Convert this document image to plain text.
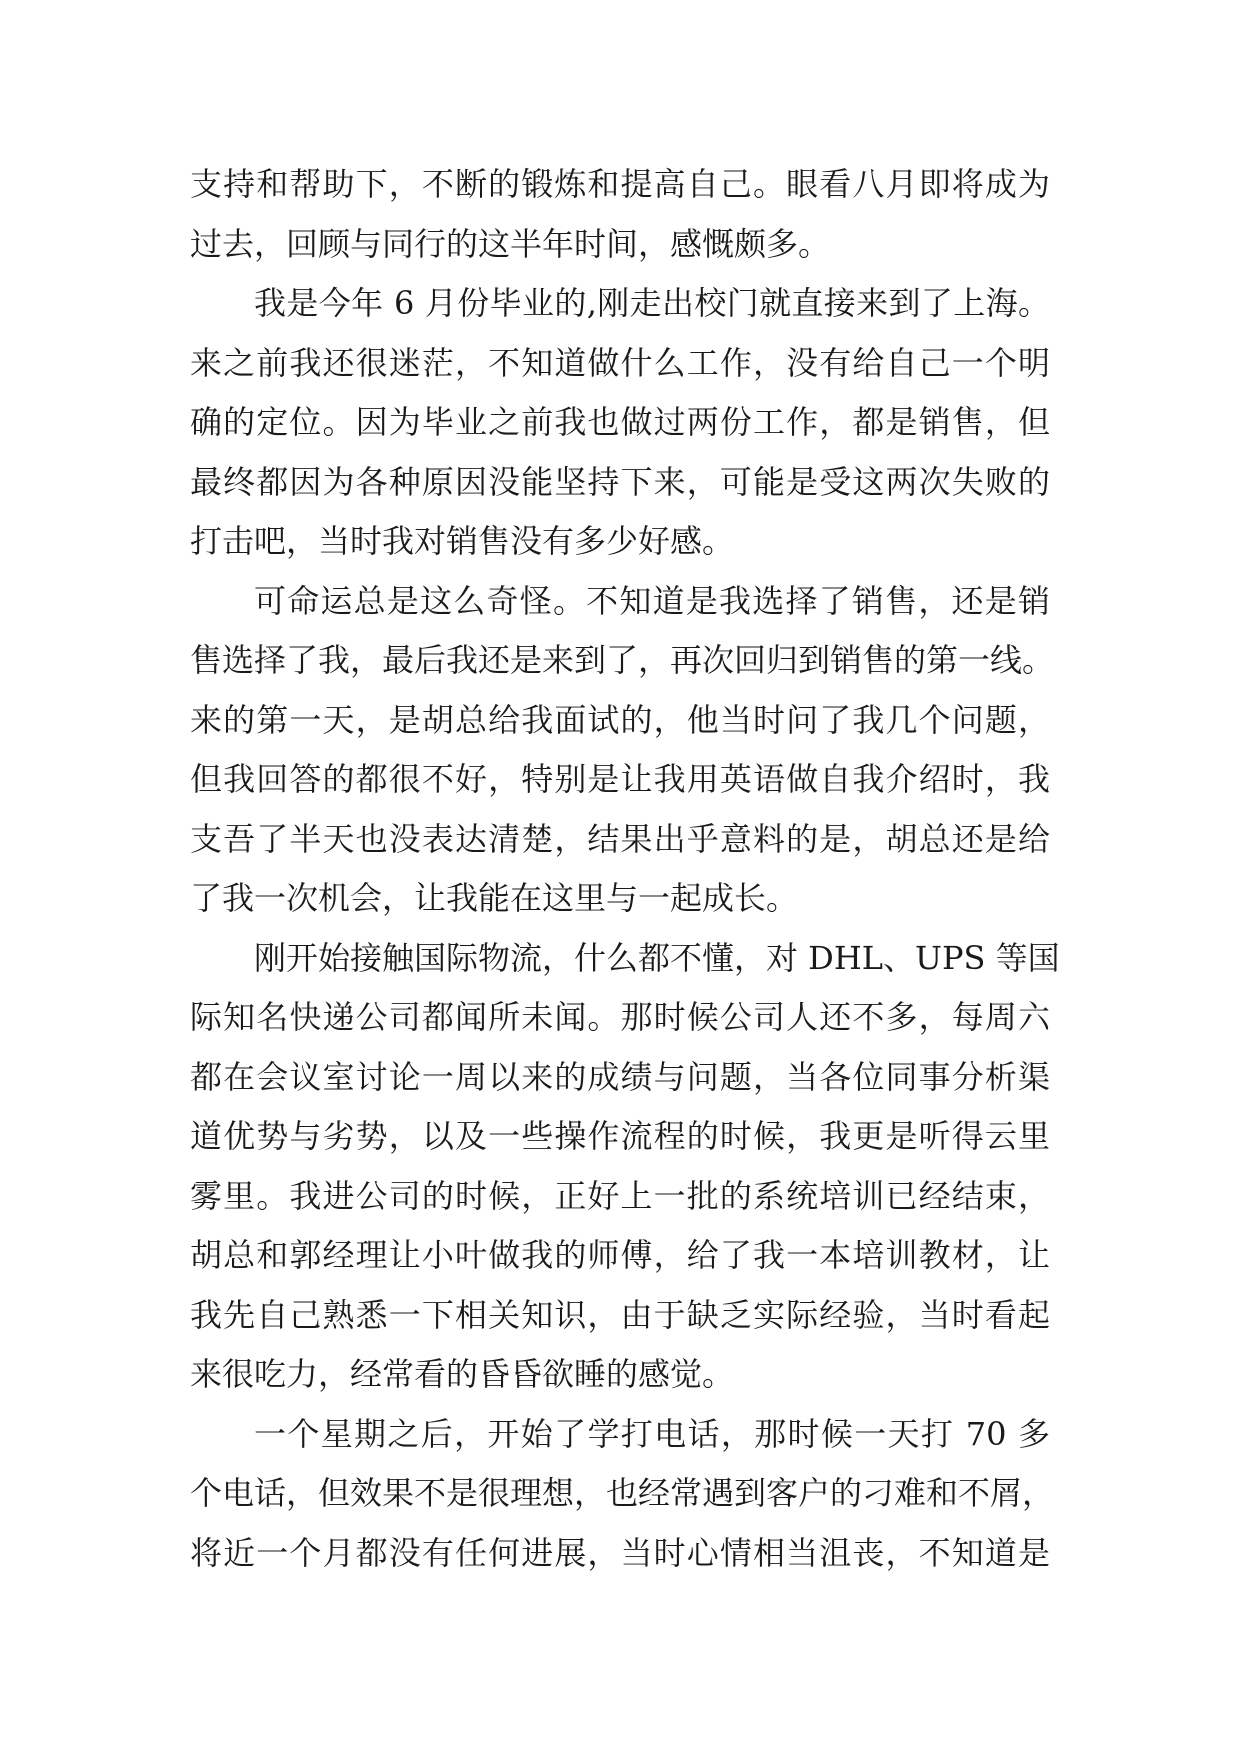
支持和帮助下，不断的锻炼和提高自己。眼看八月即将成为
过去，回顾与同行的这半年时间，感慨颇多。
我是今年 6 月份毕业的,刚走出校门就直接来到了上海。
来之前我还很迷茫，不知道做什么工作，没有给自己一个明
确的定位。因为毕业之前我也做过两份工作，都是销售，但
最终都因为各种原因没能坚持下来，可能是受这两次失败的
打击吧，当时我对销售没有多少好感。
可命运总是这么奇怪。不知道是我选择了销售，还是销
售选择了我，最后我还是来到了，再次回归到销售的第一线。
来的第一天，是胡总给我面试的，他当时问了我几个问题，
但我回答的都很不好，特别是让我用英语做自我介绍时，我
支吾了半天也没表达清楚，结果出乎意料的是，胡总还是给
了我一次机会，让我能在这里与一起成长。
刚开始接触国际物流，什么都不懂，对 DHL、UPS 等国
际知名快递公司都闻所未闻。那时候公司人还不多，每周六
都在会议室讨论一周以来的成绩与问题，当各位同事分析渠
道优势与劣势，以及一些操作流程的时候，我更是听得云里
雾里。我进公司的时候，正好上一批的系统培训已经结束，
胡总和郭经理让小叶做我的师傅，给了我一本培训教材，让
我先自己熟悉一下相关知识，由于缺乏实际经验，当时看起
来很吃力，经常看的昏昏欲睡的感觉。
一个星期之后，开始了学打电话，那时候一天打 70 多
个电话，但效果不是很理想，也经常遇到客户的刁难和不屑，
将近一个月都没有任何进展，当时心情相当沮丧，不知道是
